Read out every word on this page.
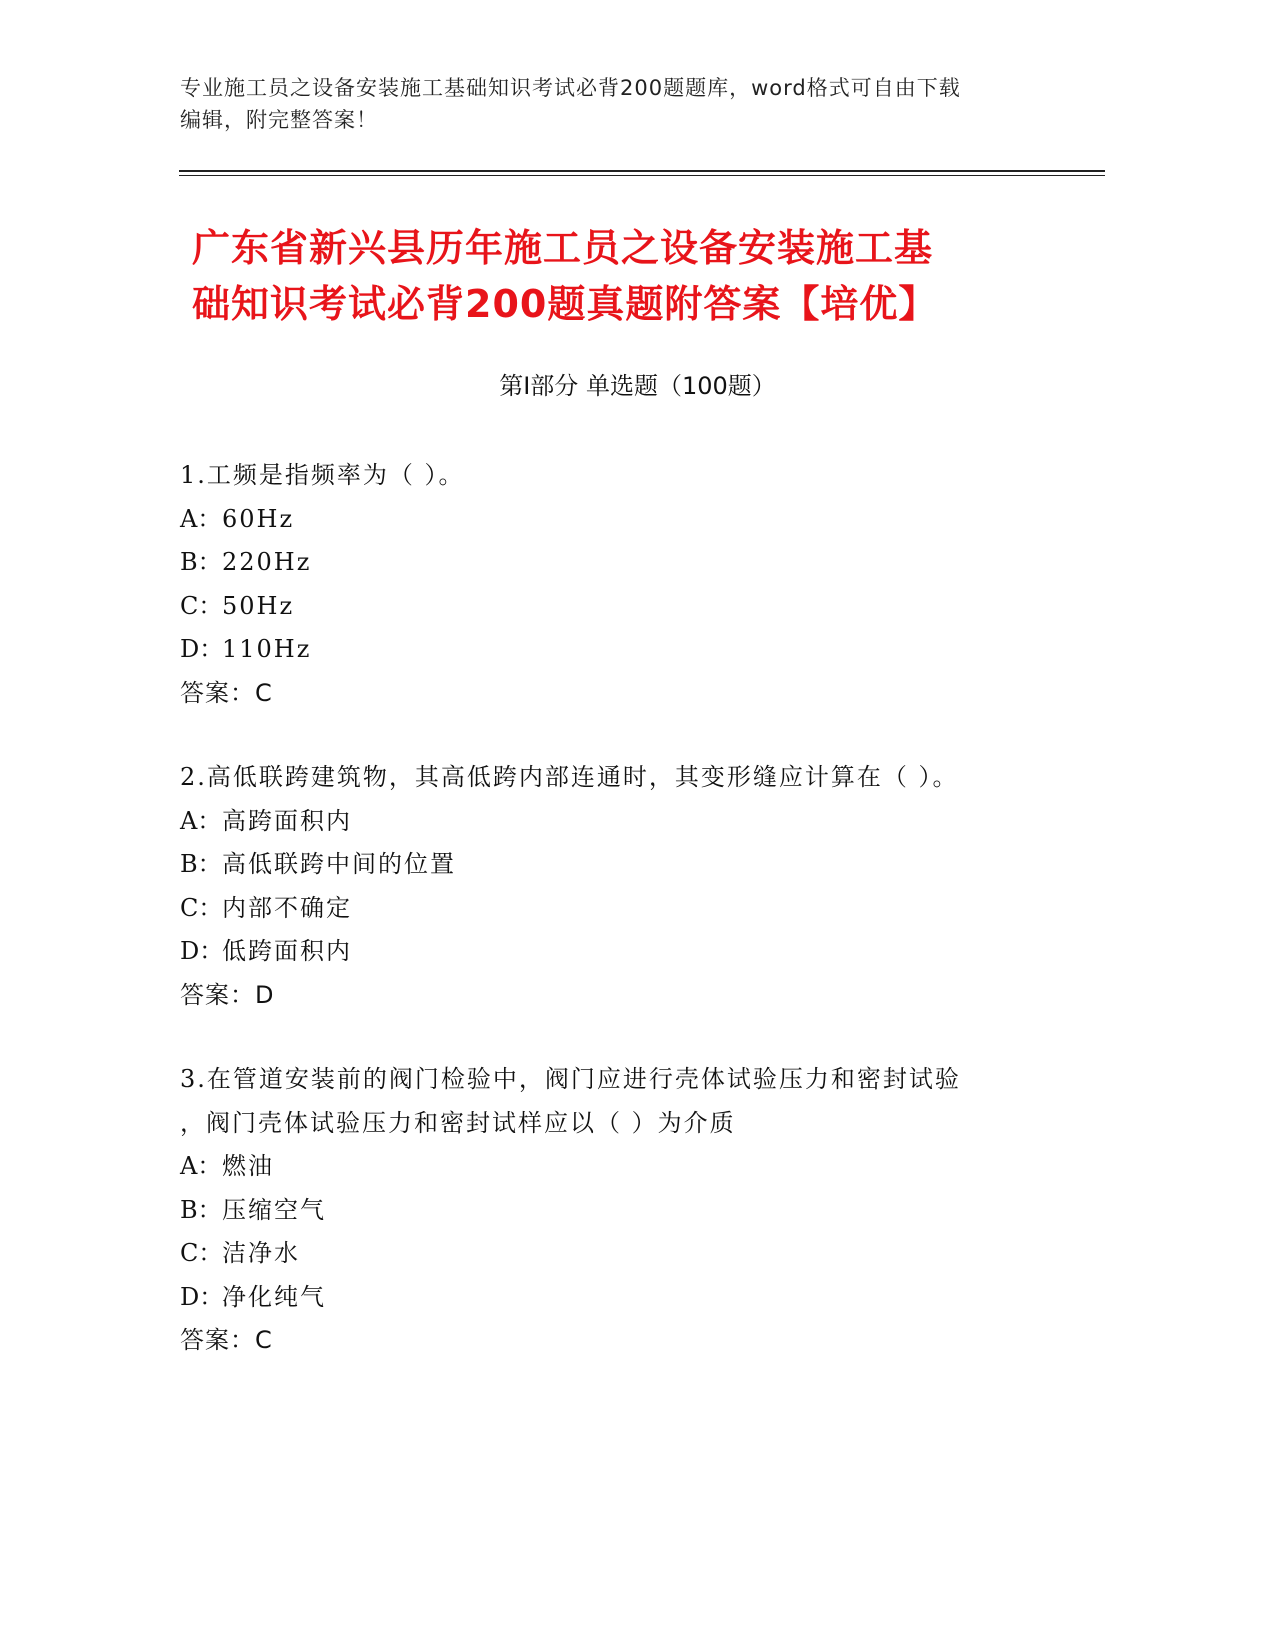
专业施工员之设备安装施工基础知识考试必背200题题库，word格式可自由下载
编辑，附完整答案！
广东省新兴县历年施工员之设备安装施工基
础知识考试必背200题真题附答案【培优】
第Ⅰ部分 单选题（100题）
1.工频是指频率为（ ）。
A：60Hz
B：220Hz
C：50Hz
D：110Hz
答案：C
2.高低联跨建筑物，其高低跨内部连通时，其变形缝应计算在（ ）。
A：高跨面积内
B：高低联跨中间的位置
C：内部不确定
D：低跨面积内
答案：D
3.在管道安装前的阀门检验中，阀门应进行壳体试验压力和密封试验
，阀门壳体试验压力和密封试样应以（ ）为介质
A：燃油
B：压缩空气
C：洁净水
D：净化纯气
答案：C
